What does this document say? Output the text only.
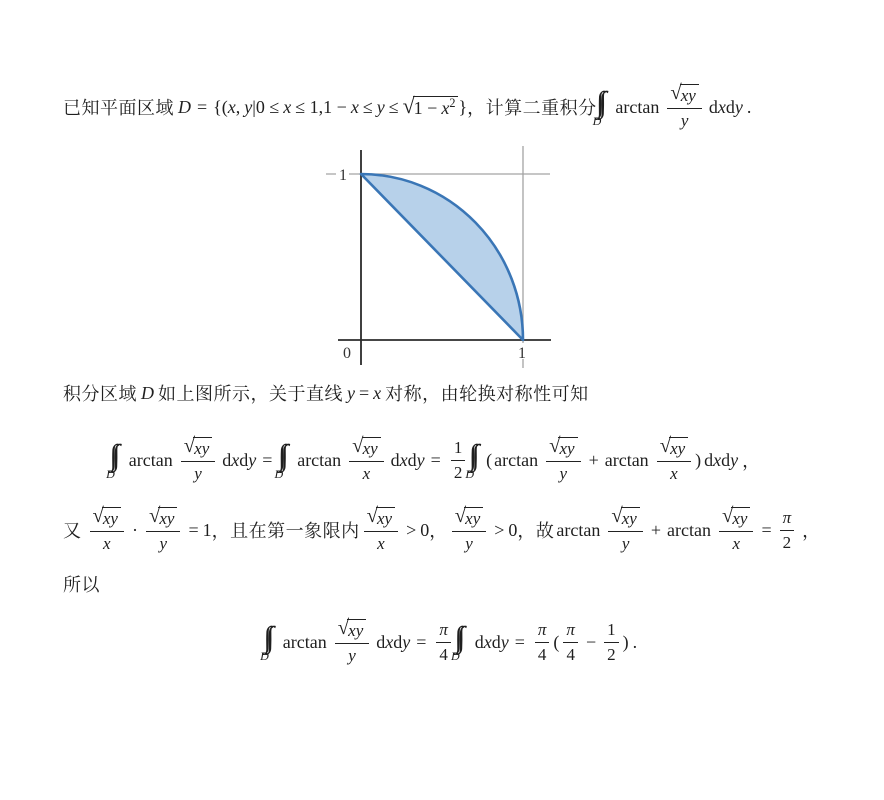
已知平面区域 D = {( x , y | 0 ≤ x ≤ 1,1 − x ≤ y ≤ √ $1 - x^2$ } ，计算二重积分
D
$\arctan \frac{√ xy}{y}$ d x d y .
1
0	1
积分区域 D 如上图所示，关于直线 y = x 对称，由轮换对称性可知
D
$\arctan \frac{√ xy}{y}$ d x d y =
D
$\arctan \frac{√ xy}{x}$ d x d $y = \frac{1}{2}$ D
( $\arctan \frac{√ xy}{y} + \arctan \frac{√ xy}{x}$ ) d x d y ，
又 $\frac{√ xy}{x} \cdot \frac{√ xy}{y} = 1$ ，且在第一象限内 $\frac{√ xy}{x} > 0$ ， $\frac{√ xy}{y} > 0$ ，故 $\arctan \frac{√ xy}{y} + \arctan \frac{√ xy}{x} = \frac{\pi}{2}$ ，
所以
D
$\arctan \frac{√ xy}{y}$ d x d $y = \frac{\pi}{4}$ D
d x d $y = \frac{\pi}{4}$ ( $\frac{\pi}{4} - \frac{1}{2}$ ) .
